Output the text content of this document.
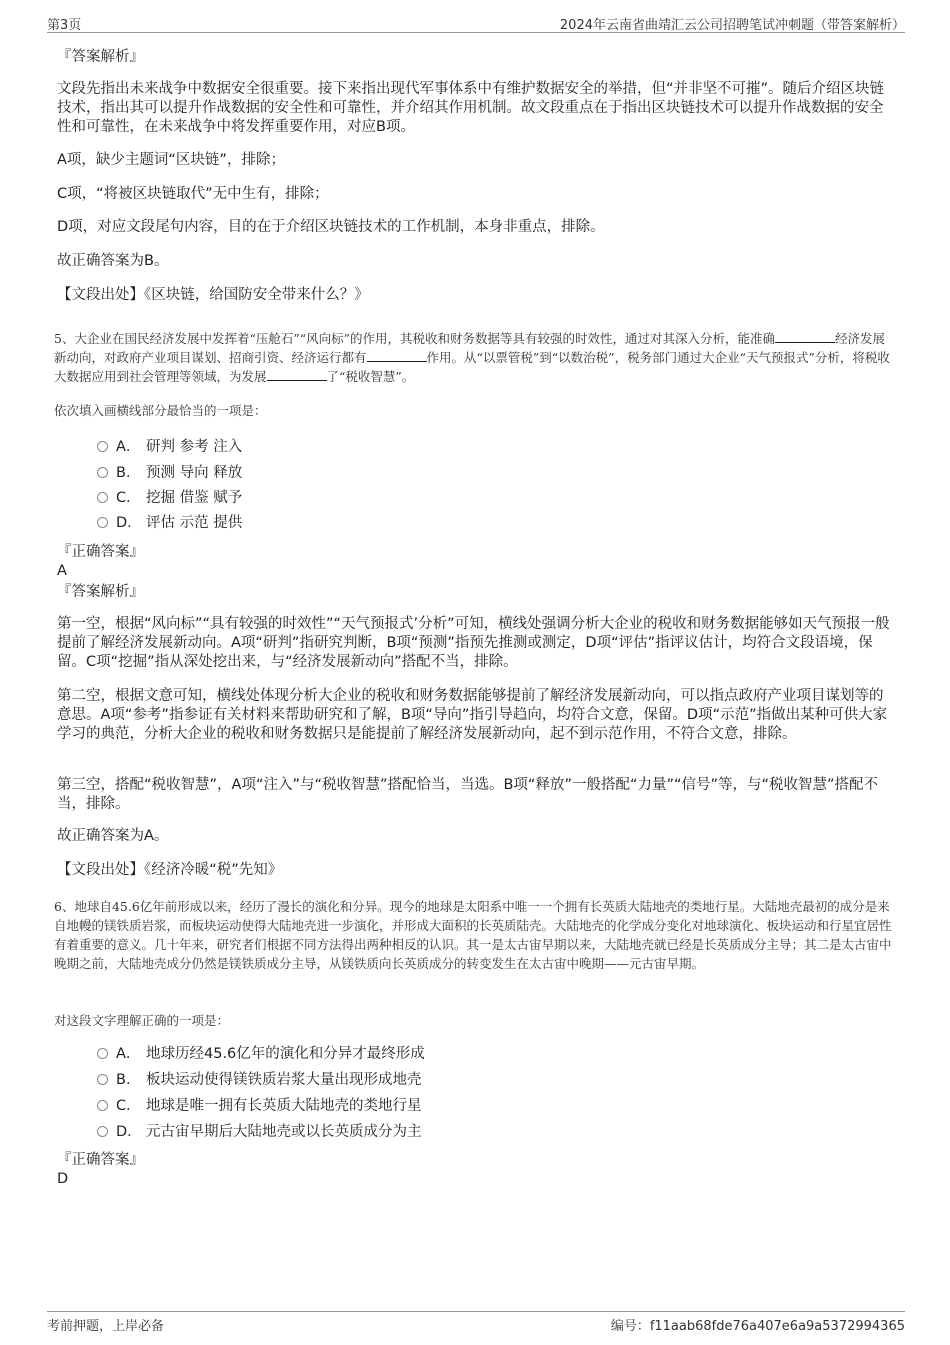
第3页	2024年云南省曲靖汇云公司招聘笔试冲刺题（带答案解析）
『答案解析』
文段先指出未来战争中数据安全很重要。接下来指出现代军事体系中有维护数据安全的举措，但“并非坚不可摧”。随后介绍区块链技术，指出其可以提升作战数据的安全性和可靠性，并介绍其作用机制。故文段重点在于指出区块链技术可以提升作战数据的安全性和可靠性，在未来战争中将发挥重要作用，对应B项。
A项，缺少主题词“区块链”，排除；
C项，“将被区块链取代”无中生有，排除；
D项，对应文段尾句内容，目的在于介绍区块链技术的工作机制，本身非重点，排除。
故正确答案为B。
【文段出处】《区块链，给国防安全带来什么？》
5、大企业在国民经济发展中发挥着“压舱石”“风向标”的作用，其税收和财务数据等具有较强的时效性，通过对其深入分析，能准确	经济发展新动向，对政府产业项目谋划、招商引资、经济运行都有	作用。从“以票管税”到“以数治税”，税务部门通过大企业“天气预报式”分析，将税收大数据应用到社会管理等领域，为发展	了“税收智慧”。
依次填入画横线部分最恰当的一项是：
A． 研判 参考 注入
B． 预测 导向 释放
C． 挖掘 借鉴 赋予
D． 评估 示范 提供
『正确答案』
A
『答案解析』
第一空，根据“风向标”“具有较强的时效性”“天气预报式’分析”可知，横线处强调分析大企业的税收和财务数据能够如天气预报一般提前了解经济发展新动向。A项“研判”指研究判断，B项“预测”指预先推测或测定，D项“评估”指评议估计，均符合文段语境，保留。C项“挖掘”指从深处挖出来，与“经济发展新动向”搭配不当，排除。
第二空，根据文意可知，横线处体现分析大企业的税收和财务数据能够提前了解经济发展新动向，可以指点政府产业项目谋划等的意思。A项“参考”指参证有关材料来帮助研究和了解，B项“导向”指引导趋向，均符合文意，保留。D项“示范”指做出某种可供大家学习的典范，分析大企业的税收和财务数据只是能提前了解经济发展新动向，起不到示范作用，不符合文意，排除。
第三空，搭配“税收智慧”，A项“注入”与“税收智慧”搭配恰当，当选。B项“释放”一般搭配“力量”“信号”等，与“税收智慧”搭配不当，排除。
故正确答案为A。
【文段出处】《经济冷暖“税”先知》
6、地球自45.6亿年前形成以来，经历了漫长的演化和分异。现今的地球是太阳系中唯一一个拥有长英质大陆地壳的类地行星。大陆地壳最初的成分是来自地幔的镁铁质岩浆，而板块运动使得大陆地壳进一步演化，并形成大面积的长英质陆壳。大陆地壳的化学成分变化对地球演化、板块运动和行星宜居性有着重要的意义。几十年来，研究者们根据不同方法得出两种相反的认识。其一是太古宙早期以来，大陆地壳就已经是长英质成分主导；其二是太古宙中晚期之前，大陆地壳成分仍然是镁铁质成分主导，从镁铁质向长英质成分的转变发生在太古宙中晚期——元古宙早期。
对这段文字理解正确的一项是：
A． 地球历经45.6亿年的演化和分异才最终形成
B． 板块运动使得镁铁质岩浆大量出现形成地壳
C． 地球是唯一拥有长英质大陆地壳的类地行星
D． 元古宙早期后大陆地壳或以长英质成分为主
『正确答案』
D
考前押题，上岸必备	编号：f11aab68fde76a407e6a9a5372994365
